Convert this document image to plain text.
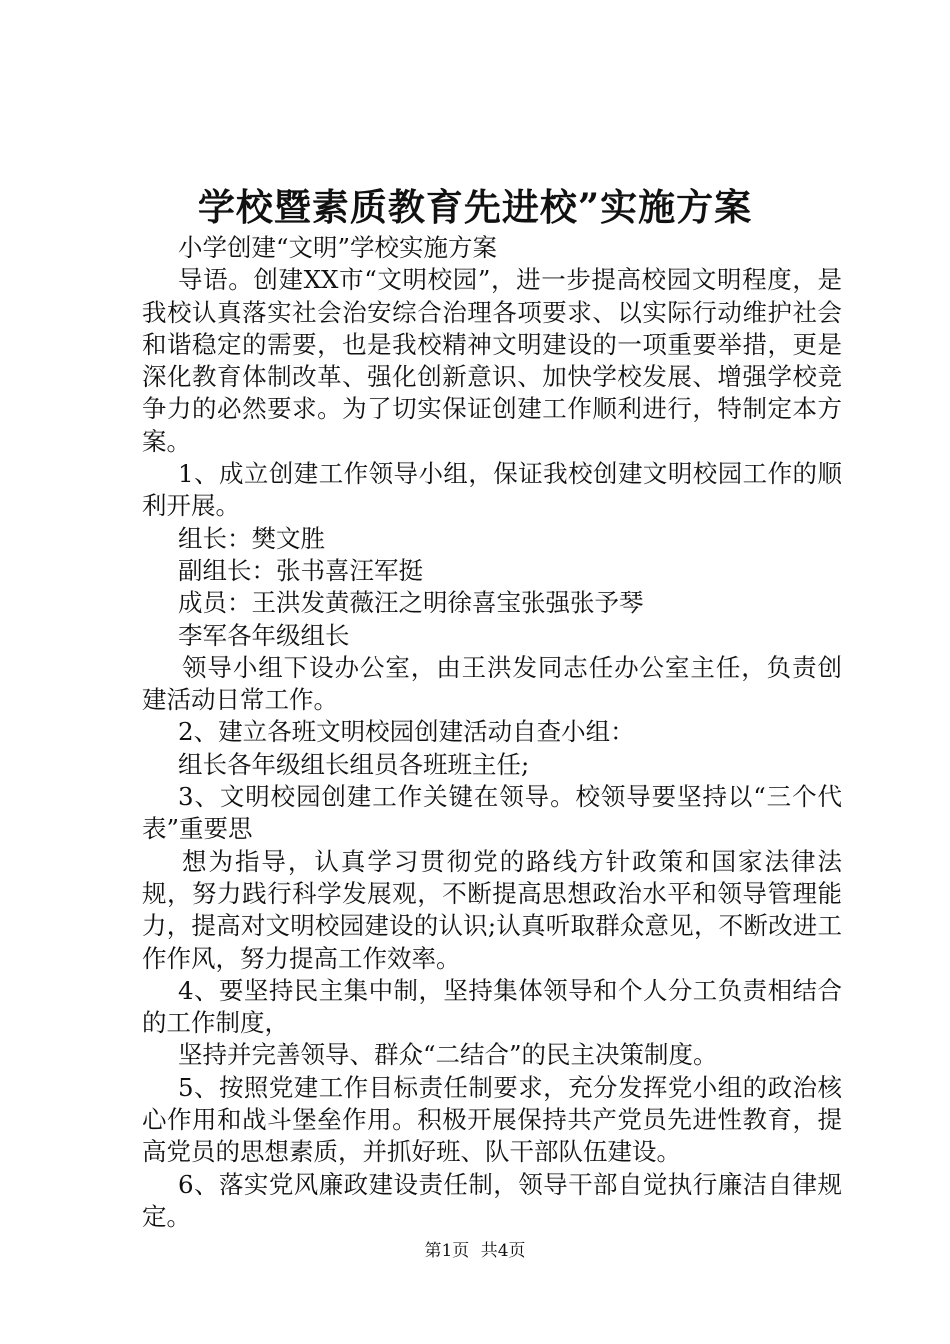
学校暨素质教育先进校”实施方案

小学创建“文明”学校实施方案

导语。创建XX市“文明校园”，进一步提高校园文明程度，是我校认真落实社会治安综合治理各项要求、以实际行动维护社会和谐稳定的需要，也是我校精神文明建设的一项重要举措，更是深化教育体制改革、强化创新意识、加快学校发展、增强学校竞争力的必然要求。为了切实保证创建工作顺利进行，特制定本方案。

1、成立创建工作领导小组，保证我校创建文明校园工作的顺利开展。

组长：樊文胜

副组长：张书喜汪军挺

成员：王洪发黄薇汪之明徐喜宝张强张予琴

李军各年级组长

领导小组下设办公室，由王洪发同志任办公室主任，负责创建活动日常工作。

2、建立各班文明校园创建活动自查小组：

组长各年级组长组员各班班主任;

3、文明校园创建工作关键在领导。校领导要坚持以“三个代表”重要思

想为指导，认真学习贯彻党的路线方针政策和国家法律法规，努力践行科学发展观，不断提高思想政治水平和领导管理能力，提高对文明校园建设的认识;认真听取群众意见，不断改进工作作风，努力提高工作效率。

4、要坚持民主集中制，坚持集体领导和个人分工负责相结合的工作制度，

坚持并完善领导、群众“二结合”的民主决策制度。

5、按照党建工作目标责任制要求，充分发挥党小组的政治核心作用和战斗堡垒作用。积极开展保持共产党员先进性教育，提高党员的思想素质，并抓好班、队干部队伍建设。

6、落实党风廉政建设责任制，领导干部自觉执行廉洁自律规定。

第1页 共4页
